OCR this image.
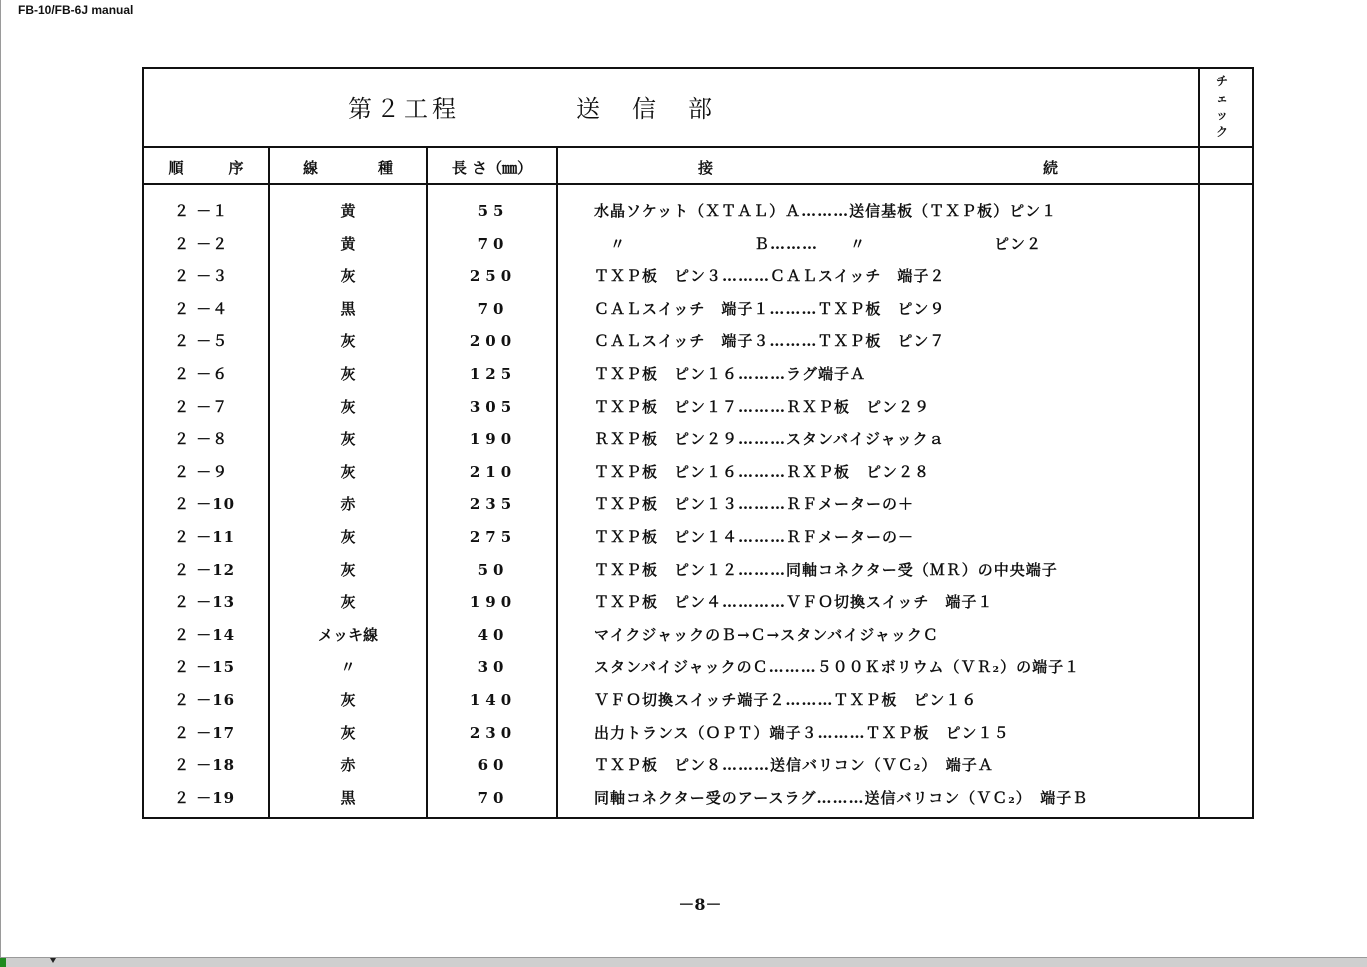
FB-10/FB-6J manual
第２工程	送　信　部
チ
ェ
ッ
ク
順　　　序	線　　　　種	長 さ（㎜）	接　　　　　　　　　　　　　　　　　　　　　　続
２ －１	黄	55	水晶ソケット（ＸＴＡＬ）Ａ………送信基板（ＴＸＰ板）ピン１
２ －２	黄	70	　〃　　　　　　　　Ｂ………　　〃　　　　　　　　ピン２
２ －３	灰	250	ＴＸＰ板　ピン３………ＣＡＬスイッチ　端子２
２ －４	黒	70	ＣＡＬスイッチ　端子１………ＴＸＰ板　ピン９
２ －５	灰	200	ＣＡＬスイッチ　端子３………ＴＸＰ板　ピン７
２ －６	灰	125	ＴＸＰ板　ピン１６………ラグ端子Ａ
２ －７	灰	305	ＴＸＰ板　ピン１７………ＲＸＰ板　ピン２９
２ －８	灰	190	ＲＸＰ板　ピン２９………スタンバイジャックａ
２ －９	灰	210	ＴＸＰ板　ピン１６………ＲＸＰ板　ピン２８
２ －10	赤	235	ＴＸＰ板　ピン１３………ＲＦメーターの＋
２ －11	灰	275	ＴＸＰ板　ピン１４………ＲＦメーターの－
２ －12	灰	50	ＴＸＰ板　ピン１２………同軸コネクター受（ＭＲ）の中央端子
２ －13	灰	190	ＴＸＰ板　ピン４…………ＶＦＯ切換スイッチ　端子１
２ －14	メッキ線	40	マイクジャックのＢ→Ｃ→スタンバイジャックＣ
２ －15	〃	30	スタンバイジャックのＣ………５００Ｋボリウム（ＶＲ₂）の端子１
２ －16	灰	140	ＶＦＯ切換スイッチ端子２………ＴＸＰ板　ピン１６
２ －17	灰	230	出力トランス（ＯＰＴ）端子３………ＴＸＰ板　ピン１５
２ －18	赤	60	ＴＸＰ板　ピン８………送信バリコン（ＶＣ₂）　端子Ａ
２ －19	黒	70	同軸コネクター受のアースラグ………送信バリコン（ＶＣ₂）　端子Ｂ
－8－
